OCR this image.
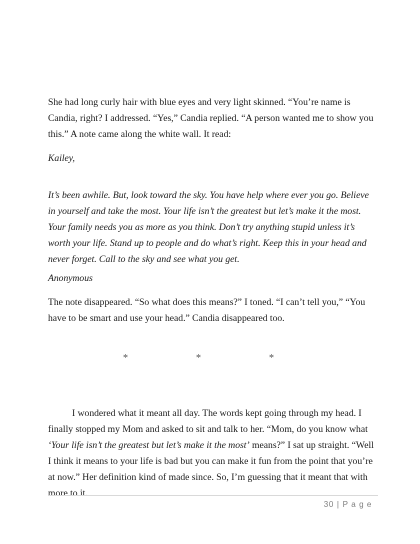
She had long curly hair with blue eyes and very light skinned. “You’re name is Candia, right? I addressed. “Yes,” Candia replied. “A person wanted me to show you this.” A note came along the white wall. It read:

Kailey,

It’s been awhile. But, look toward the sky. You have help where ever you go. Believe in yourself and take the most. Your life isn’t the greatest but let’s make it the most. Your family needs you as more as you think. Don’t try anything stupid unless it’s worth your life. Stand up to people and do what’s right. Keep this in your head and never forget. Call to the sky and see what you get.

Anonymous

The note disappeared. “So what does this means?” I toned. “I can’t tell you,” “You have to be smart and use your head.” Candia disappeared too.

*	*	*

I wondered what it meant all day. The words kept going through my head. I finally stopped my Mom and asked to sit and talk to her. “Mom, do you know what ‘Your life isn’t the greatest but let’s make it the most’ means?” I sat up straight. “Well I think it means to your life is bad but you can make it fun from the point that you’re at now.” Her definition kind of made since. So, I’m guessing that it meant that with more to it.

30 | P a g e
